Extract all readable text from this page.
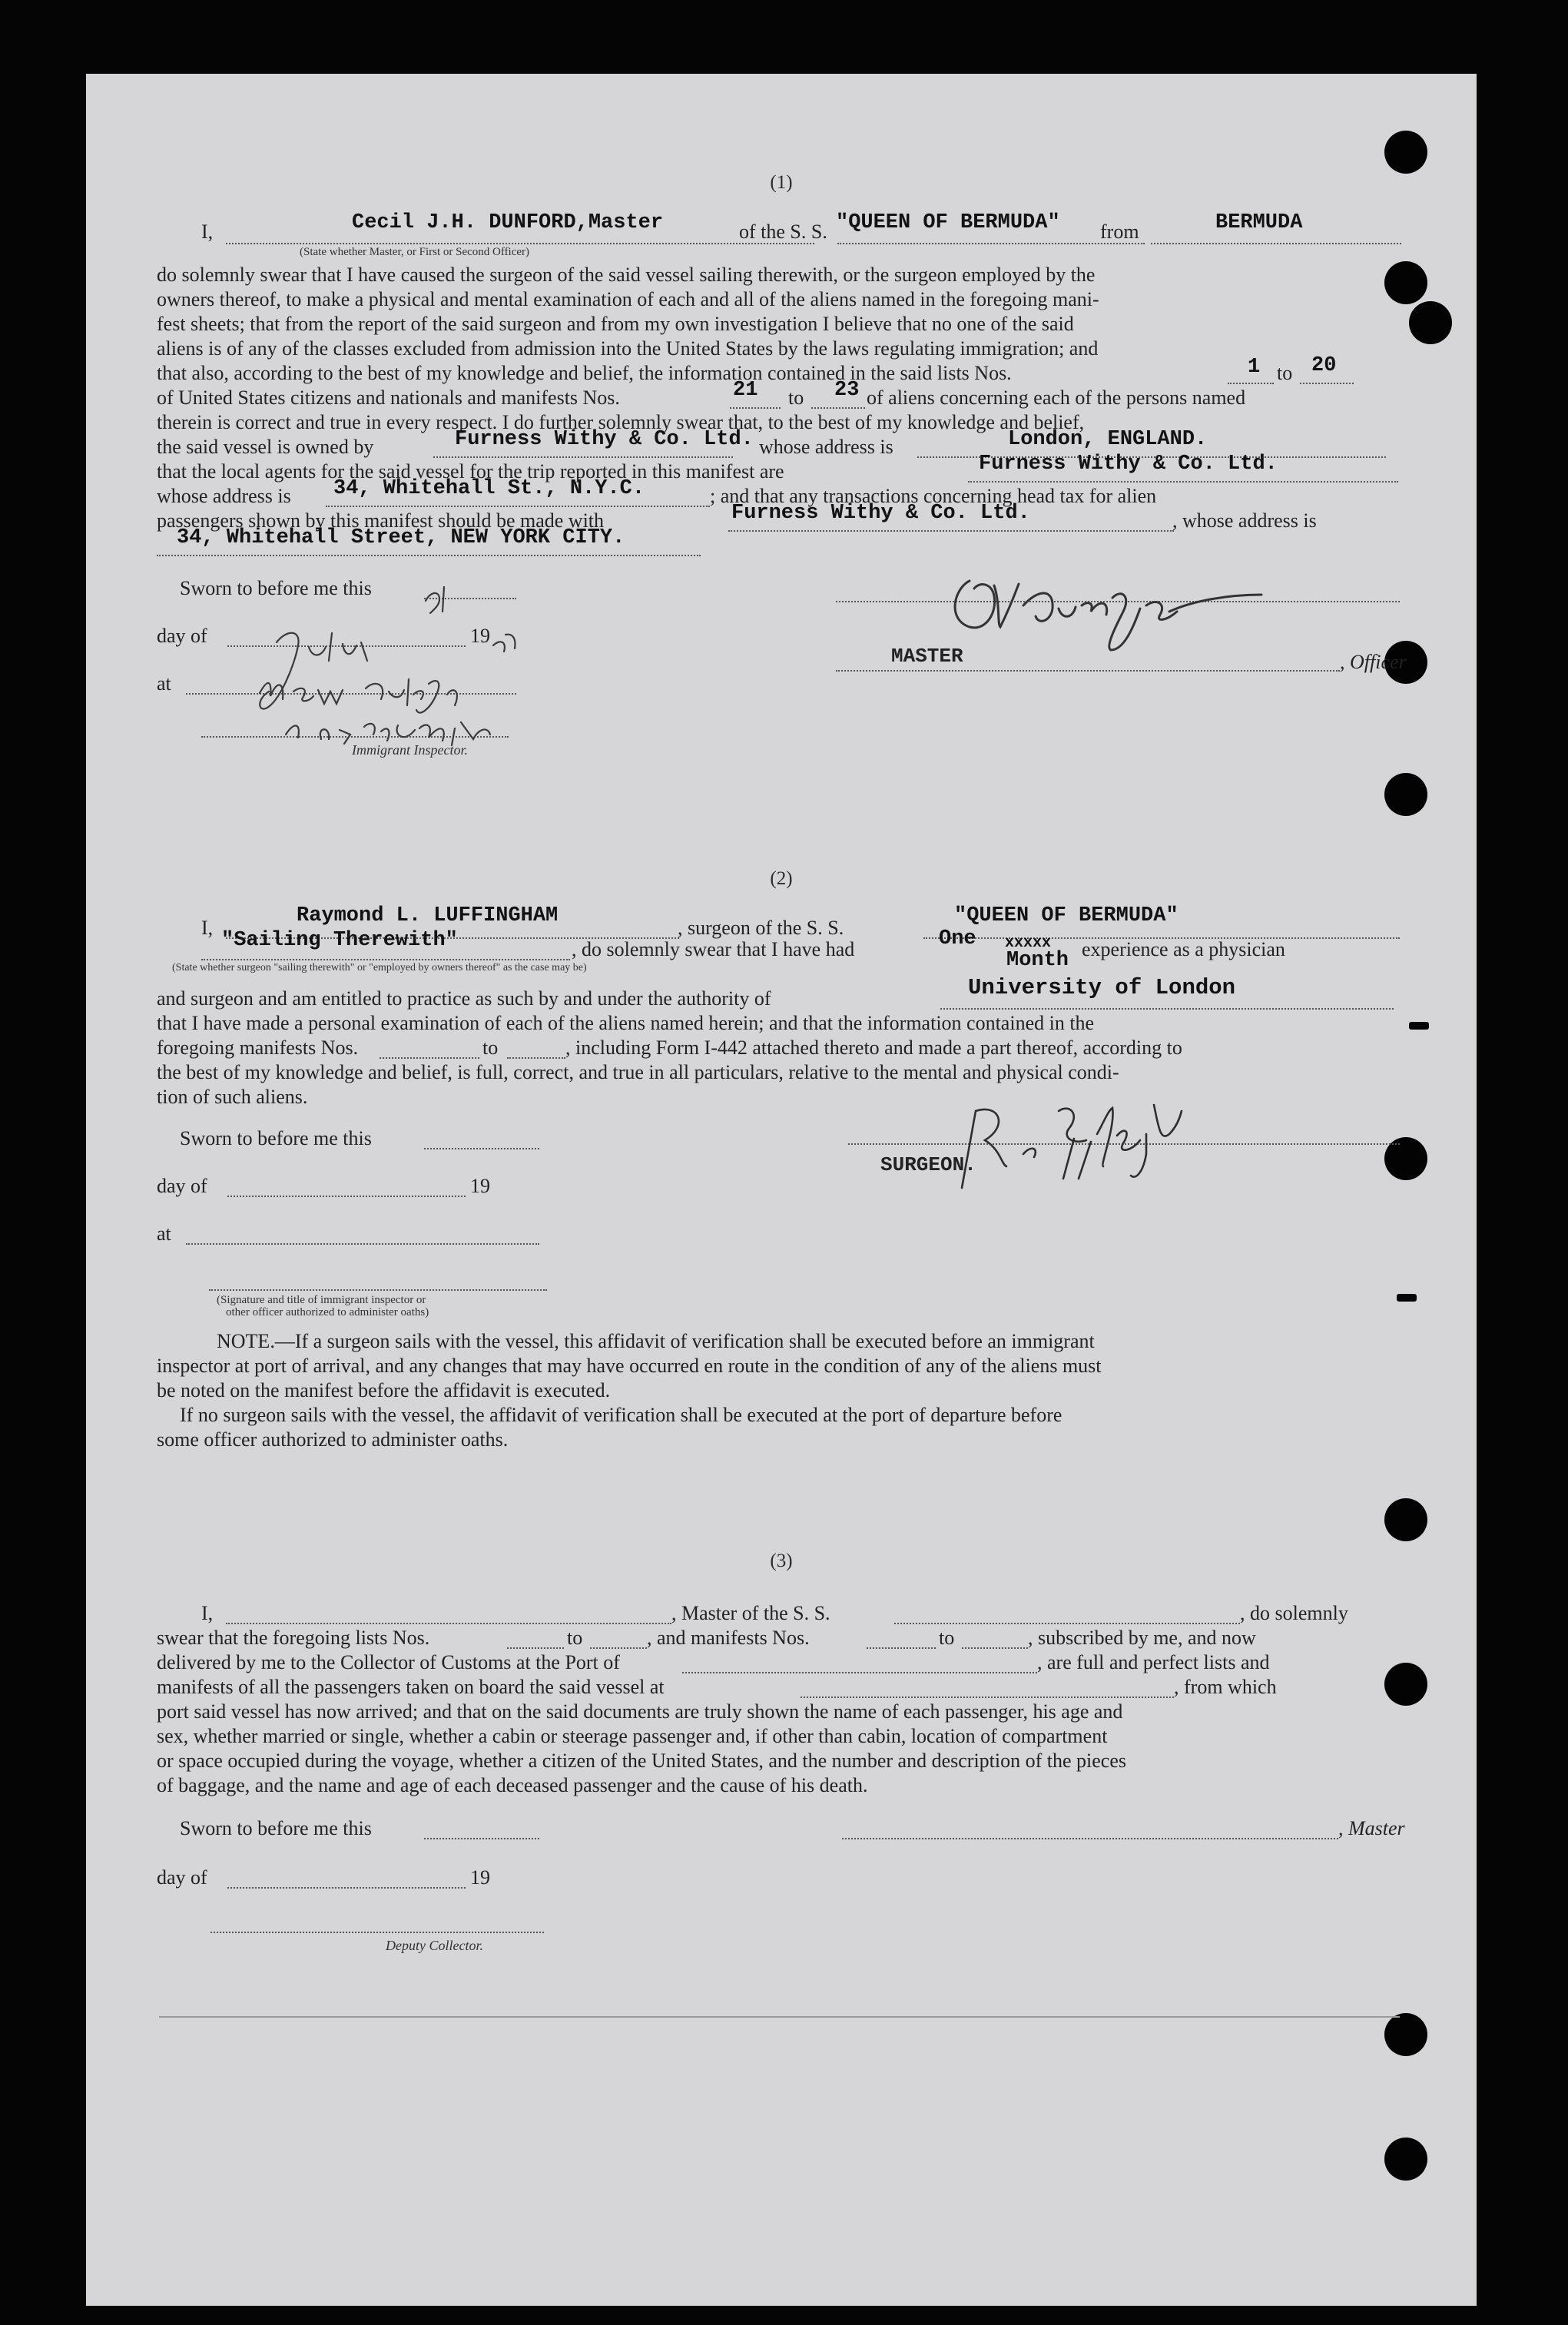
(1)
I,	Cecil J.H. DUNFORD,Master	of the S. S. "QUEEN OF BERMUDA" from	BERMUDA
(State whether Master, or First or Second Officer)
do solemnly swear that I have caused the surgeon of the said vessel sailing therewith, or the surgeon employed by the
owners thereof, to make a physical and mental examination of each and all of the aliens named in the foregoing mani-
fest sheets; that from the report of the said surgeon and from my own investigation I believe that no one of the said
aliens is of any of the classes excluded from admission into the United States by the laws regulating immigration; and
that also, according to the best of my knowledge and belief, the information contained in the said lists Nos.	1 to 20
of United States citizens and nationals and manifests Nos.	21 to 23 of aliens concerning each of the persons named
therein is correct and true in every respect. I do further solemnly swear that, to the best of my knowledge and belief,
the said vessel is owned by	Furness Withy & Co. Ltd. whose address is	London, ENGLAND.
that the local agents for the said vessel for the trip reported in this manifest are	Furness Withy & Co. Ltd.
whose address is 34, Whitehall St., N.Y.C.	; and that any transactions concerning head tax for alien
passengers shown by this manifest should be made with	Furness Withy & Co. Ltd.	, whose address is
34, Whitehall Street, NEW YORK CITY.
Sworn to before me this
day of	19
at
Immigrant Inspector.
MASTER	, Officer
(2)
I,
Raymond L. LUFFINGHAM
, surgeon of the S. S.
"QUEEN OF BERMUDA"
"Sailing Therewith"	, do solemnly swear that I have had	One xxxxx
Month experience as a physician
(State whether surgeon "sailing therewith" or "employed by owners thereof" as the case may be)
and surgeon and am entitled to practice as such by and under the authority of	University of London
that I have made a personal examination of each of the aliens named herein; and that the information contained in the
foregoing manifests Nos.	to	, including Form I-442 attached thereto and made a part thereof, according to
the best of my knowledge and belief, is full, correct, and true in all particulars, relative to the mental and physical condi-
tion of such aliens.
Sworn to before me this
day of	19
at
(Signature and title of immigrant inspector or
other officer authorized to administer oaths)
SURGEON.
NOTE.—If a surgeon sails with the vessel, this affidavit of verification shall be executed before an immigrant
inspector at port of arrival, and any changes that may have occurred en route in the condition of any of the aliens must
be noted on the manifest before the affidavit is executed.
If no surgeon sails with the vessel, the affidavit of verification shall be executed at the port of departure before
some officer authorized to administer oaths.
(3)
I,	, Master of the S. S.	, do solemnly
swear that the foregoing lists Nos.	to	, and manifests Nos.	to	, subscribed by me, and now
delivered by me to the Collector of Customs at the Port of	, are full and perfect lists and
manifests of all the passengers taken on board the said vessel at	, from which
port said vessel has now arrived; and that on the said documents are truly shown the name of each passenger, his age and
sex, whether married or single, whether a cabin or steerage passenger and, if other than cabin, location of compartment
or space occupied during the voyage, whether a citizen of the United States, and the number and description of the pieces
of baggage, and the name and age of each deceased passenger and the cause of his death.
Sworn to before me this	, Master
day of	19
Deputy Collector.
